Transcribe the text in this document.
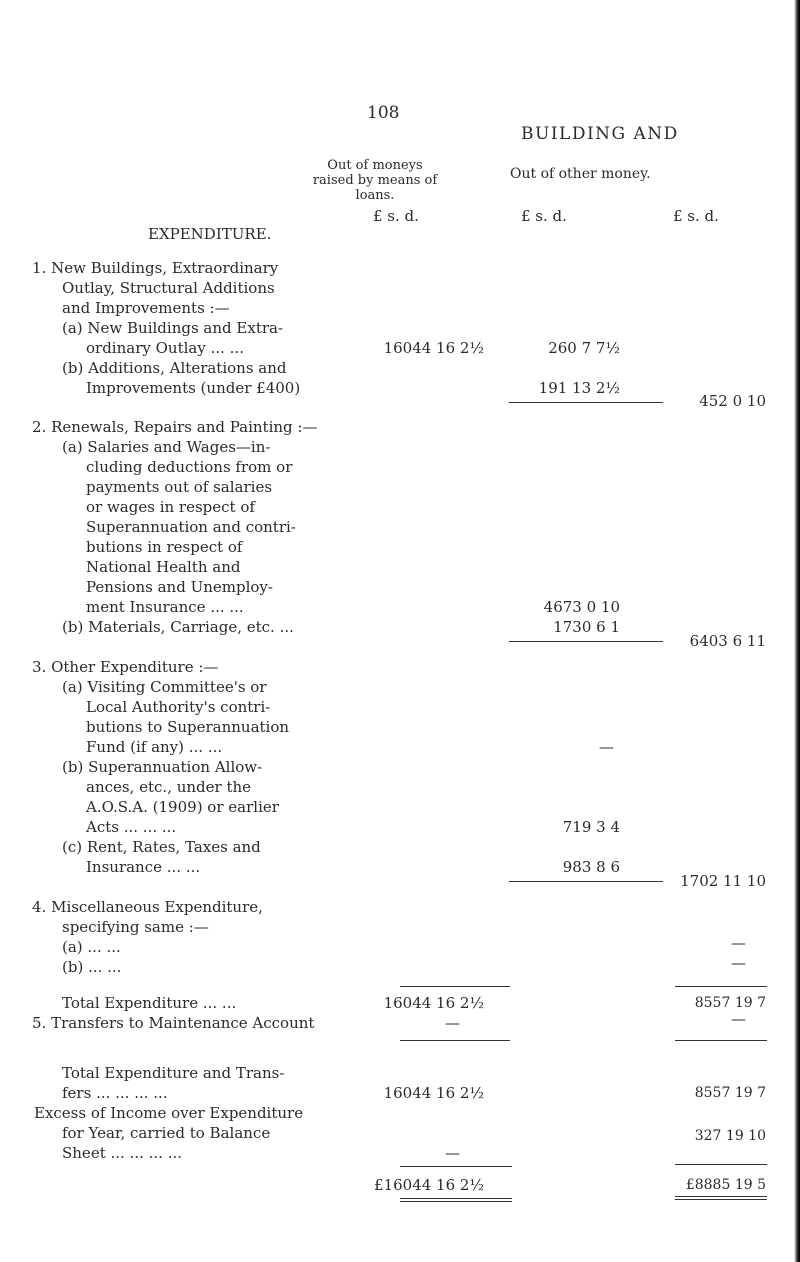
108
BUILDING AND
Out of moneys raised by means of loans.
Out of other money.
£ s. d.	£ s. d.	£ s. d.
EXPENDITURE.
1. New Buildings, Extraordinary
Outlay, Structural Additions
and Improvements :—
(a) New Buildings and Extra-
ordinary Outlay ... ...
(b) Additions, Alterations and
Improvements (under £400)
2. Renewals, Repairs and Painting :—
(a) Salaries and Wages—in-
cluding deductions from or
payments out of salaries
or wages in respect of
Superannuation and contri-
butions in respect of
National Health and
Pensions and Unemploy-
ment Insurance ... ...
(b) Materials, Carriage, etc. ...
3. Other Expenditure :—
(a) Visiting Committee's or
Local Authority's contri-
butions to Superannuation
Fund (if any) ... ...
(b) Superannuation Allow-
ances, etc., under the
A.O.S.A. (1909) or earlier
Acts ... ... ...
(c) Rent, Rates, Taxes and
Insurance ... ...
4. Miscellaneous Expenditure,
specifying same :—
(a) ... ...
(b) ... ...
Total Expenditure ... ...
5. Transfers to Maintenance Account
Total Expenditure and Trans-
fers ... ... ... ...
Excess of Income over Expenditure
for Year, carried to Balance
Sheet ... ... ... ...
16044 16 2½
16044 16 2½
—
16044 16 2½
—
£16044 16 2½
260 7 7½
191 13 2½
4673 0 10
1730 6 1
—
719 3 4
983 8 6
452 0 10
6403 6 11
1702 11 10
—
—
8557 19 7
—
8557 19 7
327 19 10
£8885 19 5
